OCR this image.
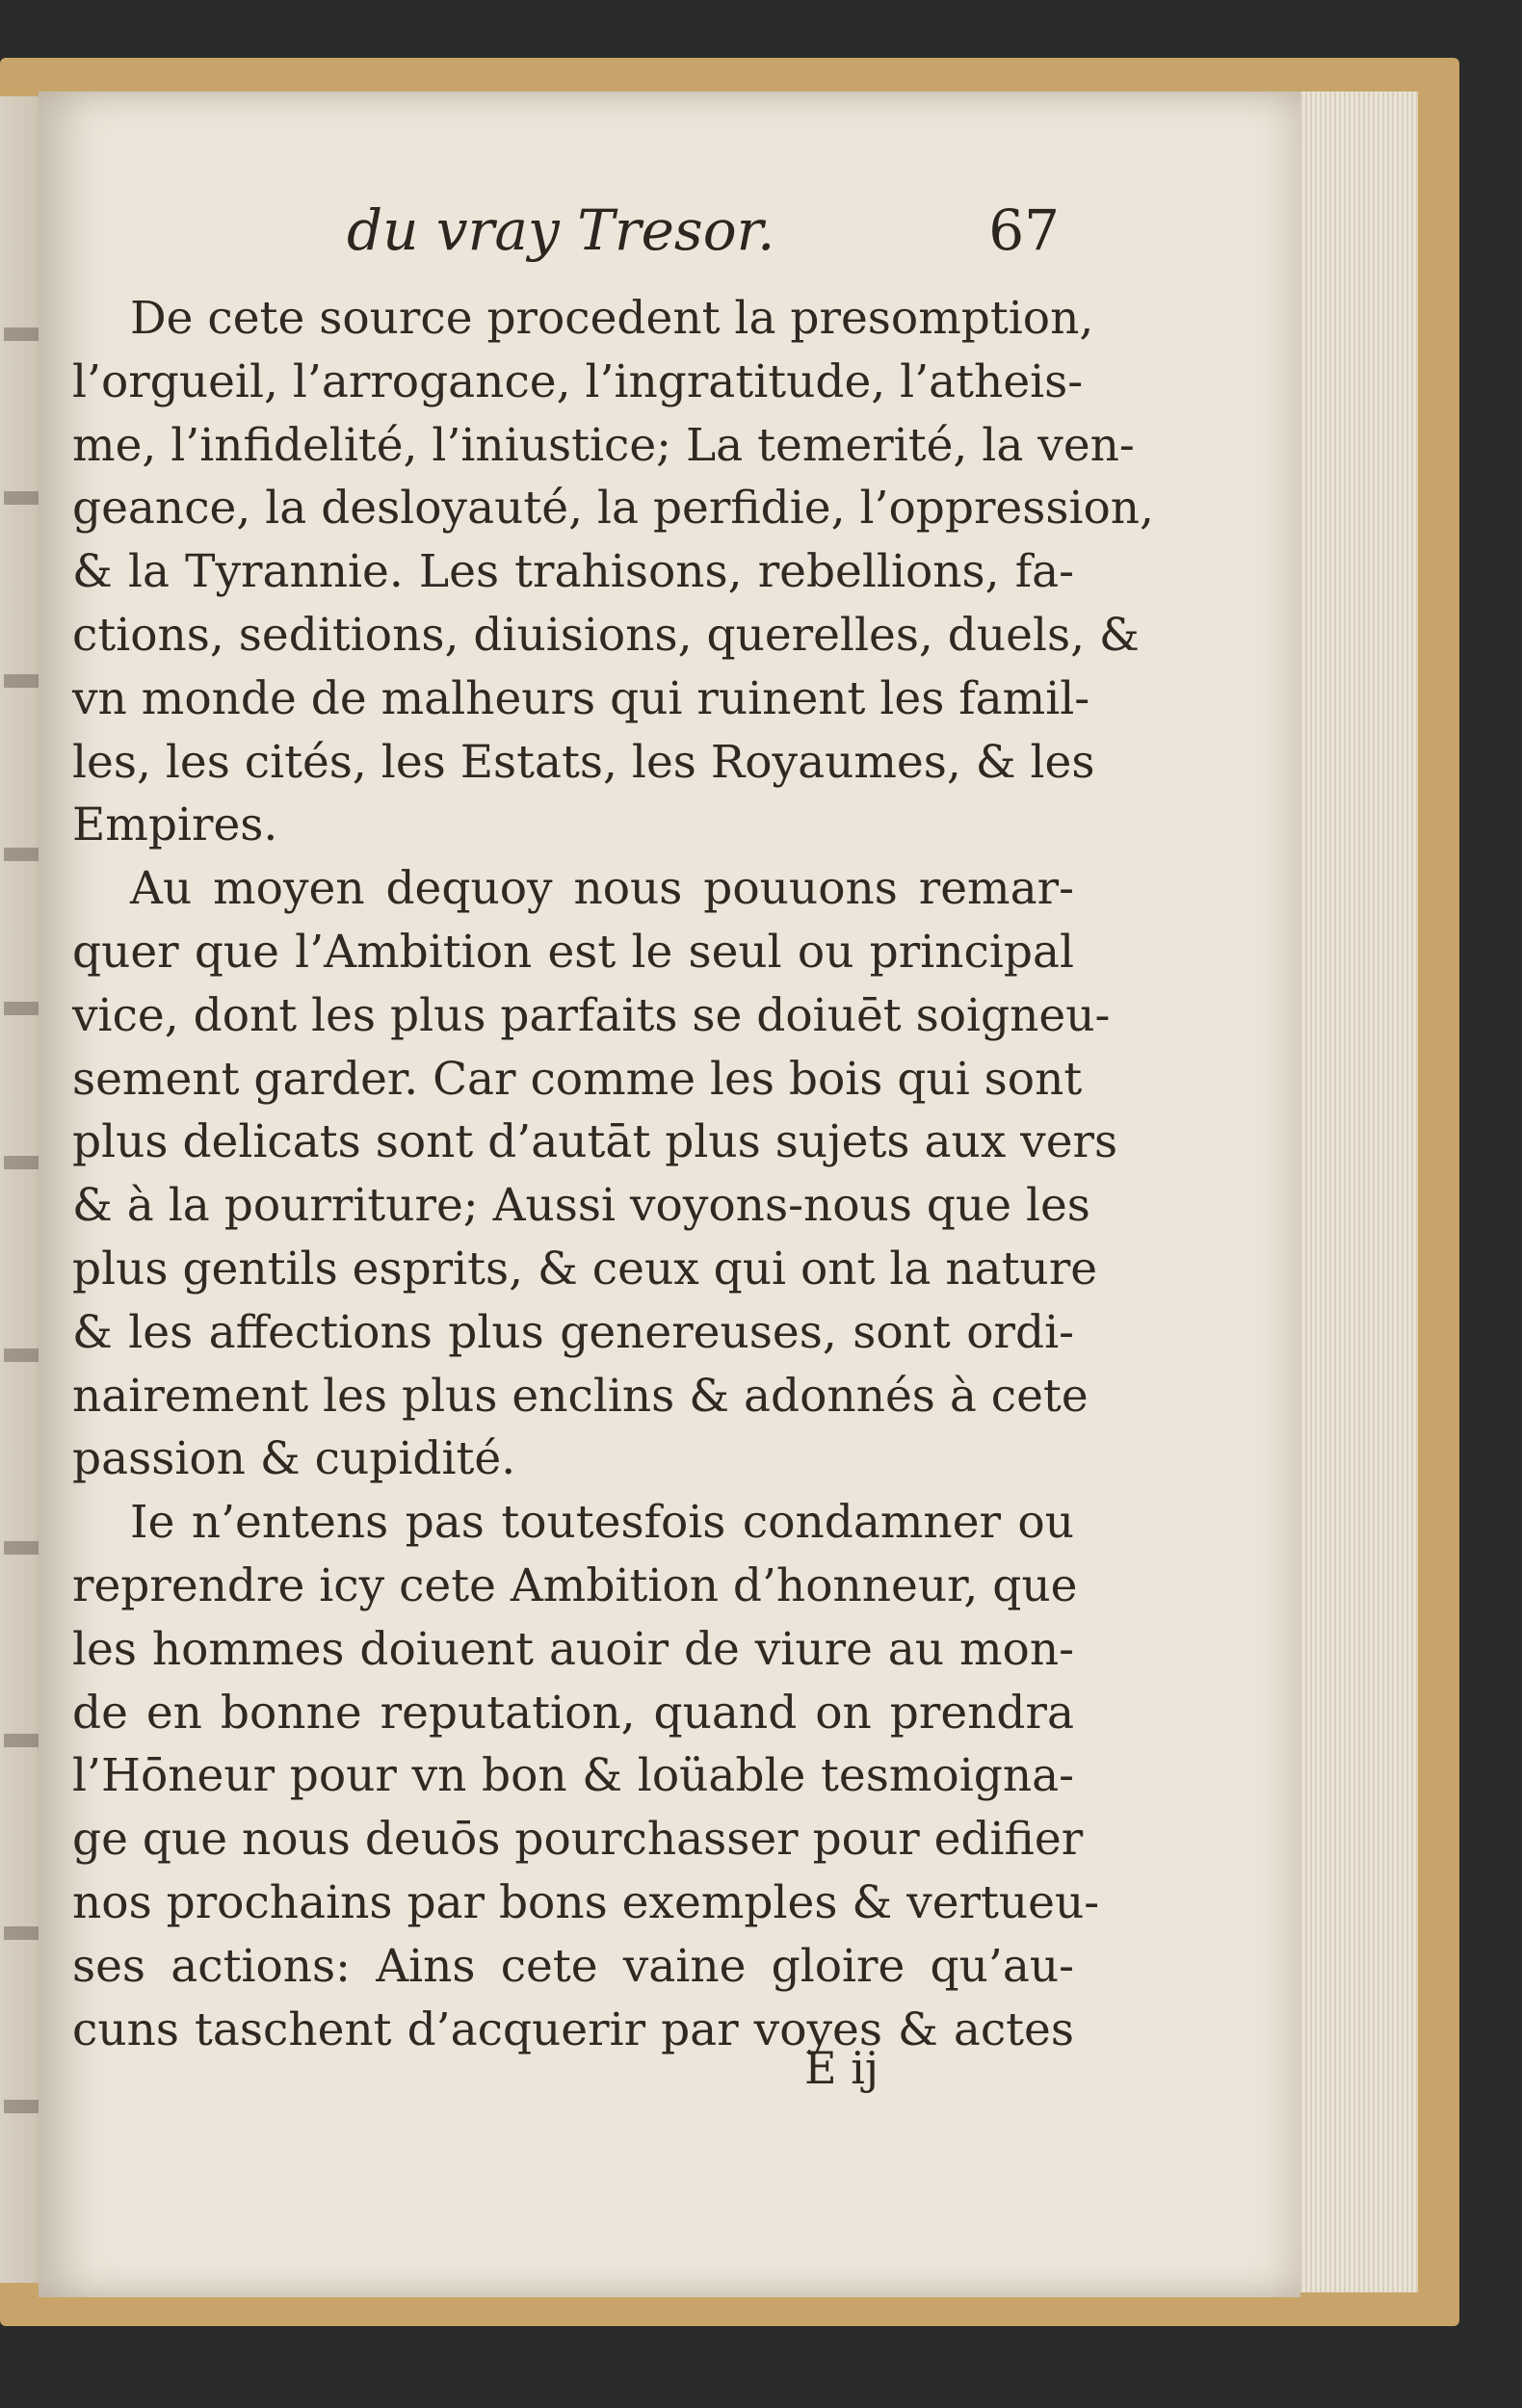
du vray Tresor.	67
De cete source procedent la presomption,
l’orgueil, l’arrogance, l’ingratitude, l’atheis-
me, l’infidelité, l’iniustice; La temerité, la ven-
geance, la desloyauté, la perfidie, l’oppression,
& la Tyrannie. Les trahisons, rebellions, fa-
ctions, seditions, diuisions, querelles, duels, &
vn monde de malheurs qui ruinent les famil-
les, les cités, les Estats, les Royaumes, & les
Empires.
Au moyen dequoy nous pouuons remar-
quer que l’Ambition est le seul ou principal
vice, dont les plus parfaits se doiuēt soigneu-
sement garder. Car comme les bois qui sont
plus delicats sont d’autāt plus sujets aux vers
& à la pourriture; Aussi voyons-nous que les
plus gentils esprits, & ceux qui ont la nature
& les affections plus genereuses, sont ordi-
nairement les plus enclins & adonnés à cete
passion & cupidité.
Ie n’entens pas toutesfois condamner ou
reprendre icy cete Ambition d’honneur, que
les hommes doiuent auoir de viure au mon-
de en bonne reputation, quand on prendra
l’Hōneur pour vn bon & loüable tesmoigna-
ge que nous deuōs pourchasser pour edifier
nos prochains par bons exemples & vertueu-
ses actions: Ains cete vaine gloire qu’au-
cuns taschent d’acquerir par voyes & actes
E ij
